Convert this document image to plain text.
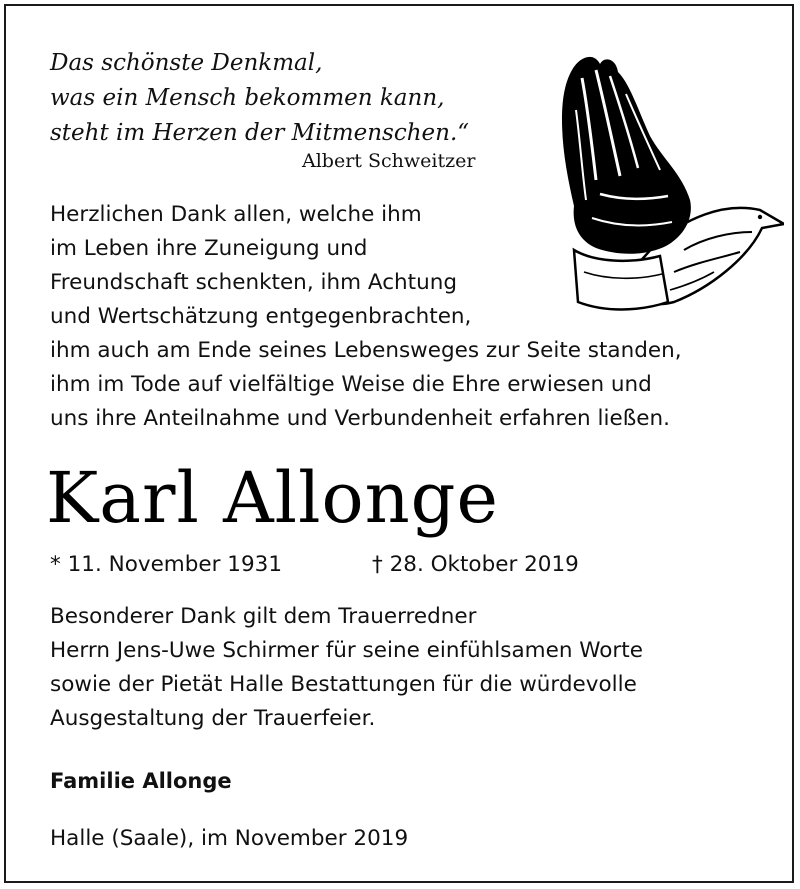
Das schönste Denkmal,
was ein Mensch bekommen kann,
steht im Herzen der Mitmenschen.“
Albert Schweitzer
Herzlichen Dank allen, welche ihm
im Leben ihre Zuneigung und
Freundschaft schenkten, ihm Achtung
und Wertschätzung entgegenbrachten,
ihm auch am Ende seines Lebensweges zur Seite standen,
ihm im Tode auf vielfältige Weise die Ehre erwiesen und
uns ihre Anteilnahme und Verbundenheit erfahren ließen.
Karl Allonge
* 11. November 1931	† 28. Oktober 2019
Besonderer Dank gilt dem Trauerredner
Herrn Jens-Uwe Schirmer für seine einfühlsamen Worte
sowie der Pietät Halle Bestattungen für die würdevolle
Ausgestaltung der Trauerfeier.
Familie Allonge
Halle (Saale), im November 2019
